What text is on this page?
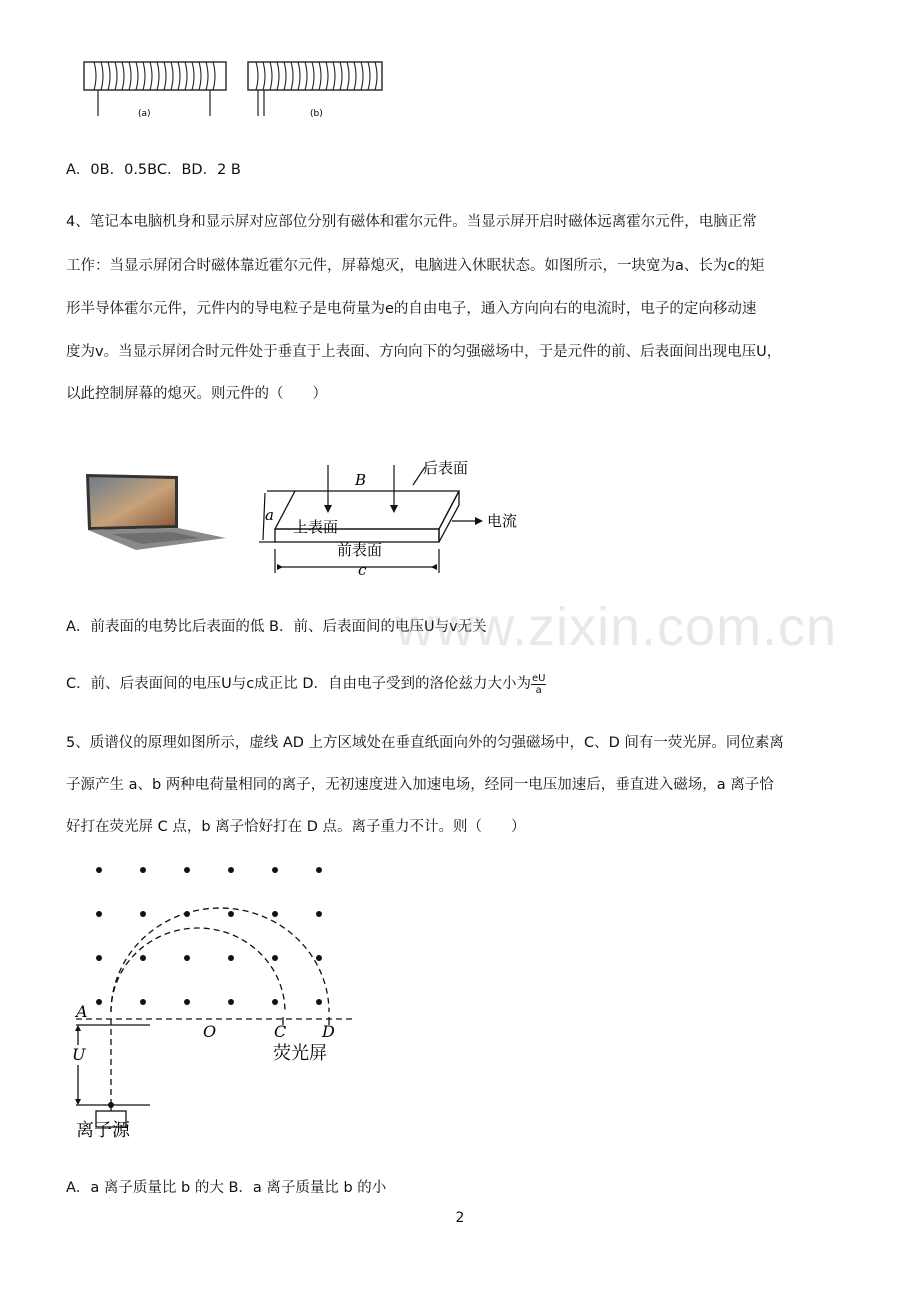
(a)	(b)
A．0B．0.5BC．BD．2 B
4、笔记本电脑机身和显示屏对应部位分别有磁体和霍尔元件。当显示屏开启时磁体远离霍尔元件，电脑正常
工作：当显示屏闭合时磁体靠近霍尔元件，屏幕熄灭，电脑进入休眠状态。如图所示，一块宽为a、长为c的矩
形半导体霍尔元件，元件内的导电粒子是电荷量为e的自由电子，通入方向向右的电流时，电子的定向移动速
度为v。当显示屏闭合时元件处于垂直于上表面、方向向下的匀强磁场中，于是元件的前、后表面间出现电压U，
以此控制屏幕的熄灭。则元件的（　　）
B
后表面
上表面
前表面
电流
a
c
A．前表面的电势比后表面的低 B．前、后表面间的电压U与v无关
www.zixin.com.cn
C．前、后表面间的电压U与c成正比 D．自由电子受到的洛伦兹力大小为 $\frac{eU}{a}$
5、质谱仪的原理如图所示，虚线 AD 上方区域处在垂直纸面向外的匀强磁场中，C、D 间有一荧光屏。同位素离
子源产生 a、b 两种电荷量相同的离子，无初速度进入加速电场，经同一电压加速后，垂直进入磁场，a 离子恰
好打在荧光屏 C 点，b 离子恰好打在 D 点。离子重力不计。则（　　）
A
O	C D
U	荧光屏
离子源
A．a 离子质量比 b 的大 B．a 离子质量比 b 的小
2
